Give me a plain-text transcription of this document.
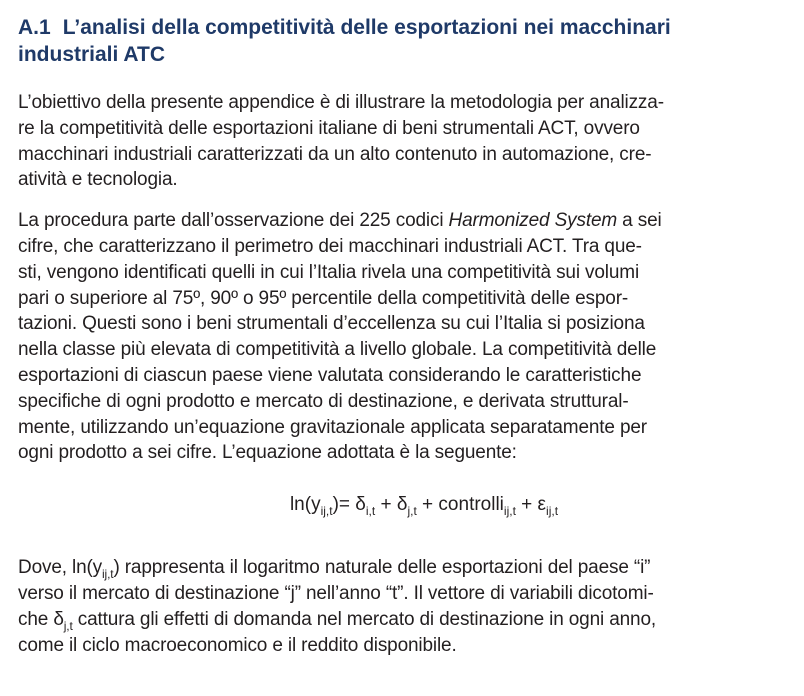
A.1 L’analisi della competitività delle esportazioni nei macchinari
industriali ATC

L’obiettivo della presente appendice è di illustrare la metodologia per analizza-
re la competitività delle esportazioni italiane di beni strumentali ACT, ovvero
macchinari industriali caratterizzati da un alto contenuto in automazione, cre-
atività e tecnologia.

La procedura parte dall’osservazione dei 225 codici Harmonized System a sei
cifre, che caratterizzano il perimetro dei macchinari industriali ACT. Tra que-
sti, vengono identificati quelli in cui l’Italia rivela una competitività sui volumi
pari o superiore al 75º, 90º o 95º percentile della competitività delle espor-
tazioni. Questi sono i beni strumentali d’eccellenza su cui l’Italia si posiziona
nella classe più elevata di competitività a livello globale. La competitività delle
esportazioni di ciascun paese viene valutata considerando le caratteristiche
specifiche di ogni prodotto e mercato di destinazione, e derivata struttural-
mente, utilizzando un’equazione gravitazionale applicata separatamente per
ogni prodotto a sei cifre. L’equazione adottata è la seguente:

$\ln(y_{ij,t})= \delta_{i,t} + \delta_{j,t}$ + controlli$_{ij,t}$ + $\varepsilon_{ij,t}$

Dove, $\ln(y_{ij,t})$ rappresenta il logaritmo naturale delle esportazioni del paese “i”
verso il mercato di destinazione “j” nell’anno “t”. Il vettore di variabili dicotomi-
che $\delta_{j,t}$ cattura gli effetti di domanda nel mercato di destinazione in ogni anno,
come il ciclo macroeconomico e il reddito disponibile.
